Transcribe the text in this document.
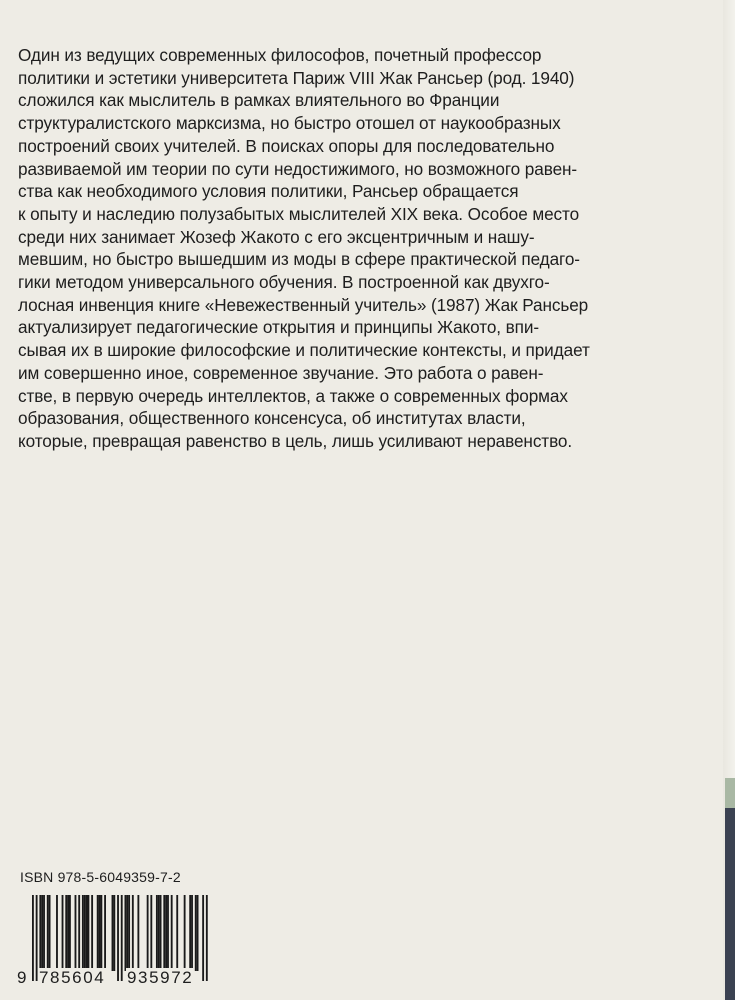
Один из ведущих современных философов, почетный профессор
политики и эстетики университета Париж VIII Жак Рансьер (род. 1940)
сложился как мыслитель в рамках влиятельного во Франции
структуралистского марксизма, но быстро отошел от наукообразных
построений своих учителей. В поисках опоры для последовательно
развиваемой им теории по сути недостижимого, но возможного равен-
ства как необходимого условия политики, Рансьер обращается
к опыту и наследию полузабытых мыслителей XIX века. Особое место
среди них занимает Жозеф Жакото с его эксцентричным и нашу-
мевшим, но быстро вышедшим из моды в сфере практической педаго-
гики методом универсального обучения. В построенной как двухго-
лосная инвенция книге «Невежественный учитель» (1987) Жак Рансьер
актуализирует педагогические открытия и принципы Жакото, впи-
сывая их в широкие философские и политические контексты, и придает
им совершенно иное, современное звучание. Это работа о равен-
стве, в первую очередь интеллектов, а также о современных формах
образования, общественного консенсуса, об институтах власти,
которые, превращая равенство в цель, лишь усиливают неравенство.
ISBN 978-5-6049359-7-2
9 785604 935972
